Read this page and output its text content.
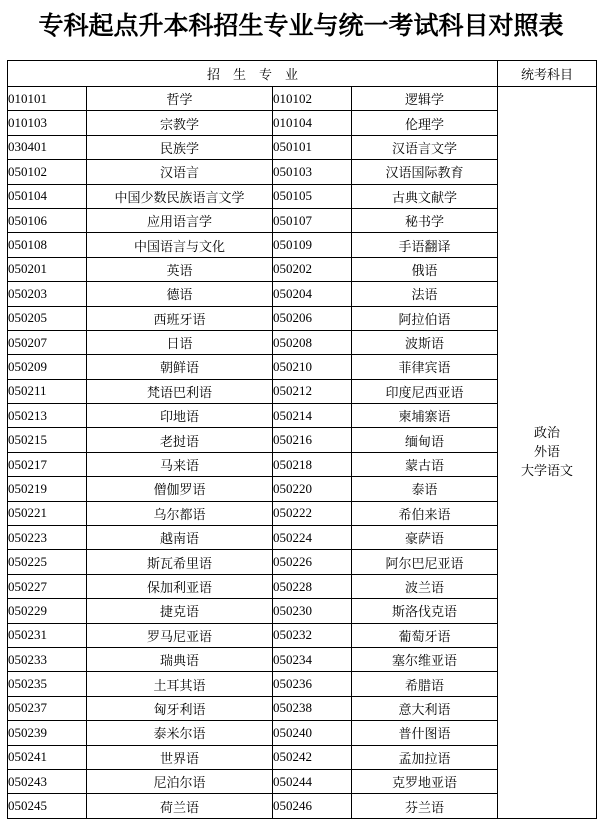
专科起点升本科招生专业与统一考试科目对照表
招　生　专　业				统考科目
010101	哲学	010102	逻辑学	政治
外语
大学语文

010103	宗教学	010104	伦理学	
030401	民族学	050101	汉语言文学	
050102	汉语言	050103	汉语国际教育	
050104	中国少数民族语言文学	050105	古典文献学	
050106	应用语言学	050107	秘书学	
050108	中国语言与文化	050109	手语翻译	
050201	英语	050202	俄语	
050203	德语	050204	法语	
050205	西班牙语	050206	阿拉伯语	
050207	日语	050208	波斯语	
050209	朝鲜语	050210	菲律宾语	
050211	梵语巴利语	050212	印度尼西亚语	
050213	印地语	050214	柬埔寨语	
050215	老挝语	050216	缅甸语	
050217	马来语	050218	蒙古语	
050219	僧伽罗语	050220	泰语	
050221	乌尔都语	050222	希伯来语	
050223	越南语	050224	豪萨语	
050225	斯瓦希里语	050226	阿尔巴尼亚语	
050227	保加利亚语	050228	波兰语	
050229	捷克语	050230	斯洛伐克语	
050231	罗马尼亚语	050232	葡萄牙语	
050233	瑞典语	050234	塞尔维亚语	
050235	土耳其语	050236	希腊语	
050237	匈牙利语	050238	意大利语	
050239	泰米尔语	050240	普什图语	
050241	世界语	050242	孟加拉语	
050243	尼泊尔语	050244	克罗地亚语	
050245	荷兰语	050246	芬兰语	
